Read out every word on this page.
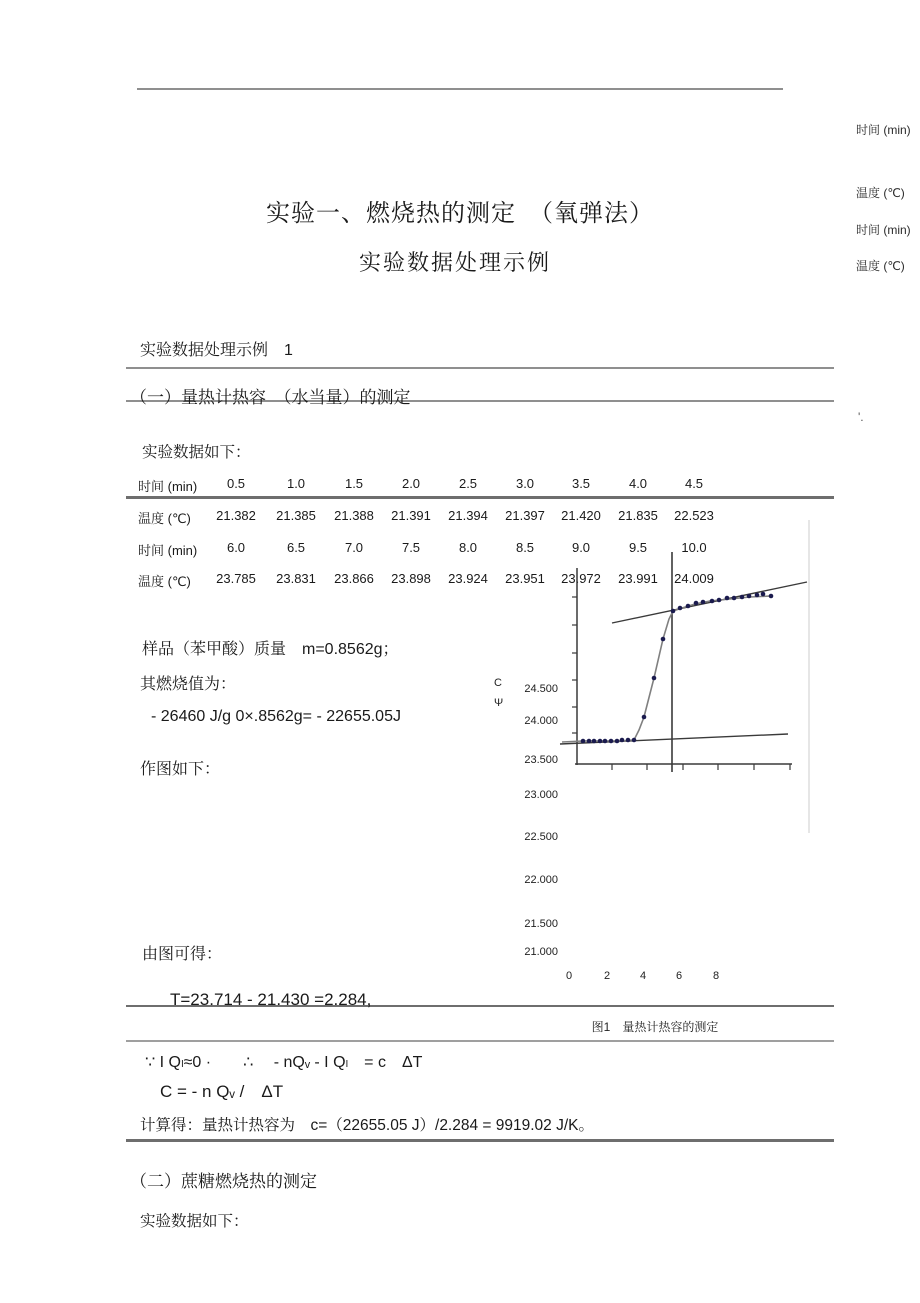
时间 (min)
温度 (℃)
时间 (min)
温度 (℃)
实验一、燃烧热的测定　（氧弹法）
实验数据处理示例
实验数据处理示例　1
（一）量热计热容　（水当量）的测定
实验数据如下：
时间 (min) 0.5	1.0	1.5	2.0	2.5	3.0	3.5	4.0	4.5
温度 (℃) 21.382 21.385 21.388 21.391 21.394 21.397 21.420 21.835 22.523
时间 (min) 6.0	6.5	7.0	7.5	8.0	8.5	9.0	9.5	10.0
温度 (℃) 23.785 23.831 23.866 23.898 23.924 23.951 23.972 23.991 24.009
样品（苯甲酸）质量　m=0.8562g；
其燃烧值为：
- 26460 J/g 0×.8562g= - 22655.05J
作图如下：
由图可得：
T=23.714 - 21.430 =2.284,
∵ I Qₗ≈0 ·　　∴　 - nQᵥ - I Qₗ　= c　ΔT
C = - n Qᵥ /　ΔT
计算得：量热计热容为　c=（22655.05 J）/2.284 = 9919.02 J/K。
24.500
24.000
23.500
23.000
22.500
22.000
21.500
21.000
0	2	4	6	8
C
Ψ
图1　量热计热容的测定
（二）蔗糖燃烧热的测定
实验数据如下：
'.
